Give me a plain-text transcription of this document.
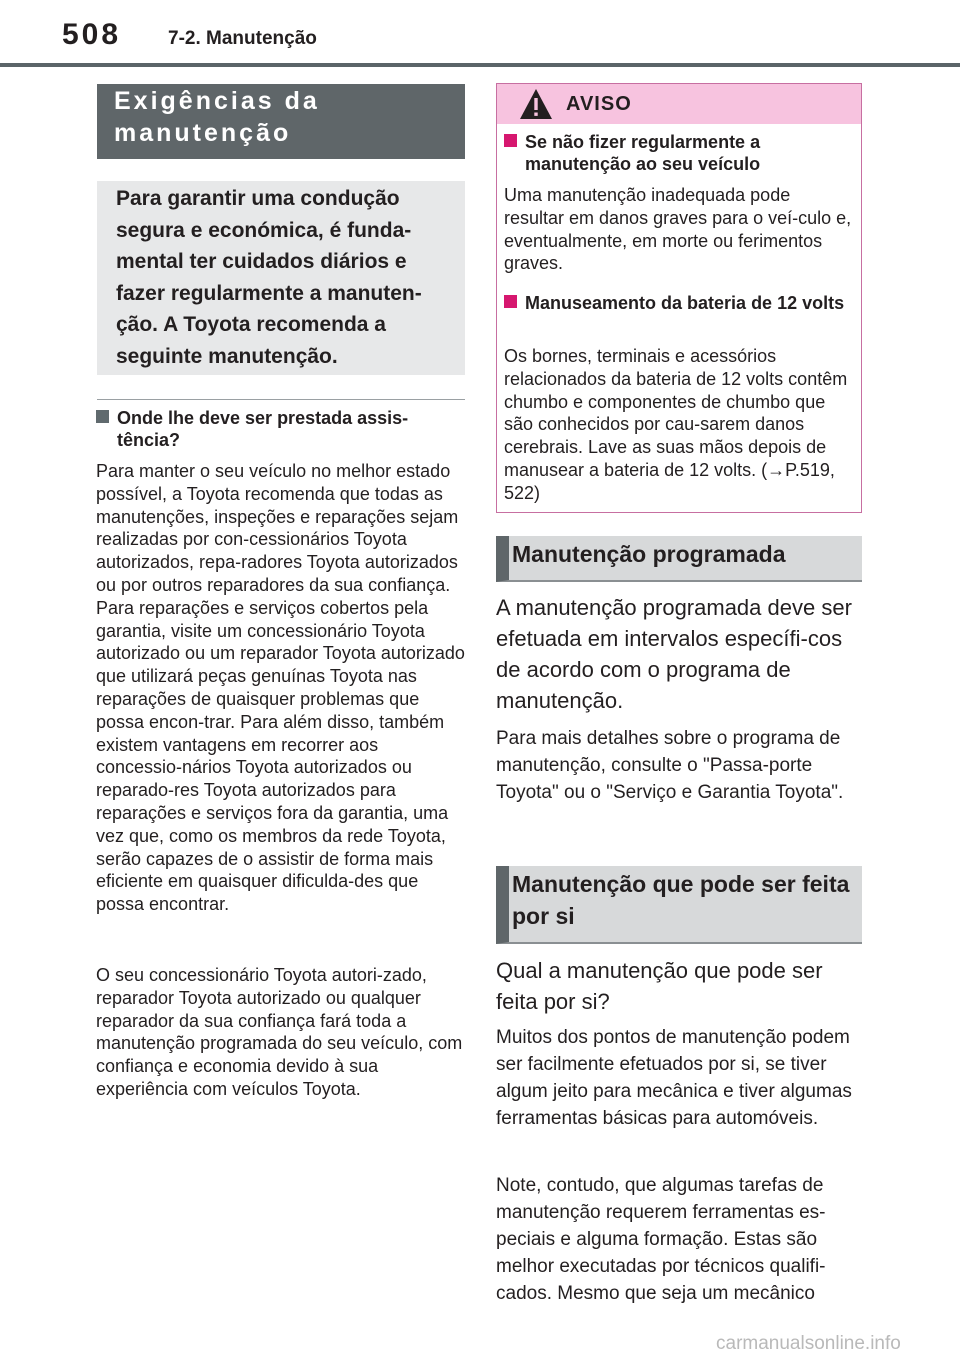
508 7-2. Manutenção
Exigências da manutenção
Para garantir uma condução segura e económica, é funda-mental ter cuidados diários e fazer regularmente a manuten-ção. A Toyota recomenda a seguinte manutenção.
Onde lhe deve ser prestada assis-tência?

Para manter o seu veículo no melhor estado possível, a Toyota recomenda que todas as manutenções, inspeções e reparações sejam realizadas por con-cessionários Toyota autorizados, repa-radores Toyota autorizados ou por outros reparadores da sua confiança. Para reparações e serviços cobertos pela garantia, visite um concessionário Toyota autorizado ou um reparador Toyota autorizado que utilizará peças genuínas Toyota nas reparações de quaisquer problemas que possa encon-trar. Para além disso, também existem vantagens em recorrer aos concessio-nários Toyota autorizados ou reparado-res Toyota autorizados para reparações e serviços fora da garantia, uma vez que, como os membros da rede Toyota, serão capazes de o assistir de forma mais eficiente em quaisquer dificulda-des que possa encontrar.

O seu concessionário Toyota autori-zado, reparador Toyota autorizado ou qualquer reparador da sua confiança fará toda a manutenção programada do seu veículo, com confiança e economia devido à sua experiência com veículos Toyota.

AVISO
Se não fizer regularmente a manutenção ao seu veículo

Uma manutenção inadequada pode resultar em danos graves para o veí-culo e, eventualmente, em morte ou ferimentos graves.

Manuseamento da bateria de 12 volts

Os bornes, terminais e acessórios relacionados da bateria de 12 volts contêm chumbo e componentes de chumbo que são conhecidos por cau-sarem danos cerebrais. Lave as suas mãos depois de manusear a bateria de 12 volts. (→P.519, 522)

Manutenção programada

A manutenção programada deve ser efetuada em intervalos específi-cos de acordo com o programa de manutenção.

Para mais detalhes sobre o programa de manutenção, consulte o "Passa-porte Toyota" ou o "Serviço e Garantia Toyota".

Manutenção que pode ser feita por si

Qual a manutenção que pode ser feita por si?

Muitos dos pontos de manutenção podem ser facilmente efetuados por si, se tiver algum jeito para mecânica e tiver algumas ferramentas básicas para automóveis.

Note, contudo, que algumas tarefas de manutenção requerem ferramentas es-peciais e alguma formação. Estas são melhor executadas por técnicos qualifi-cados. Mesmo que seja um mecânico

carmanualsonline.info
